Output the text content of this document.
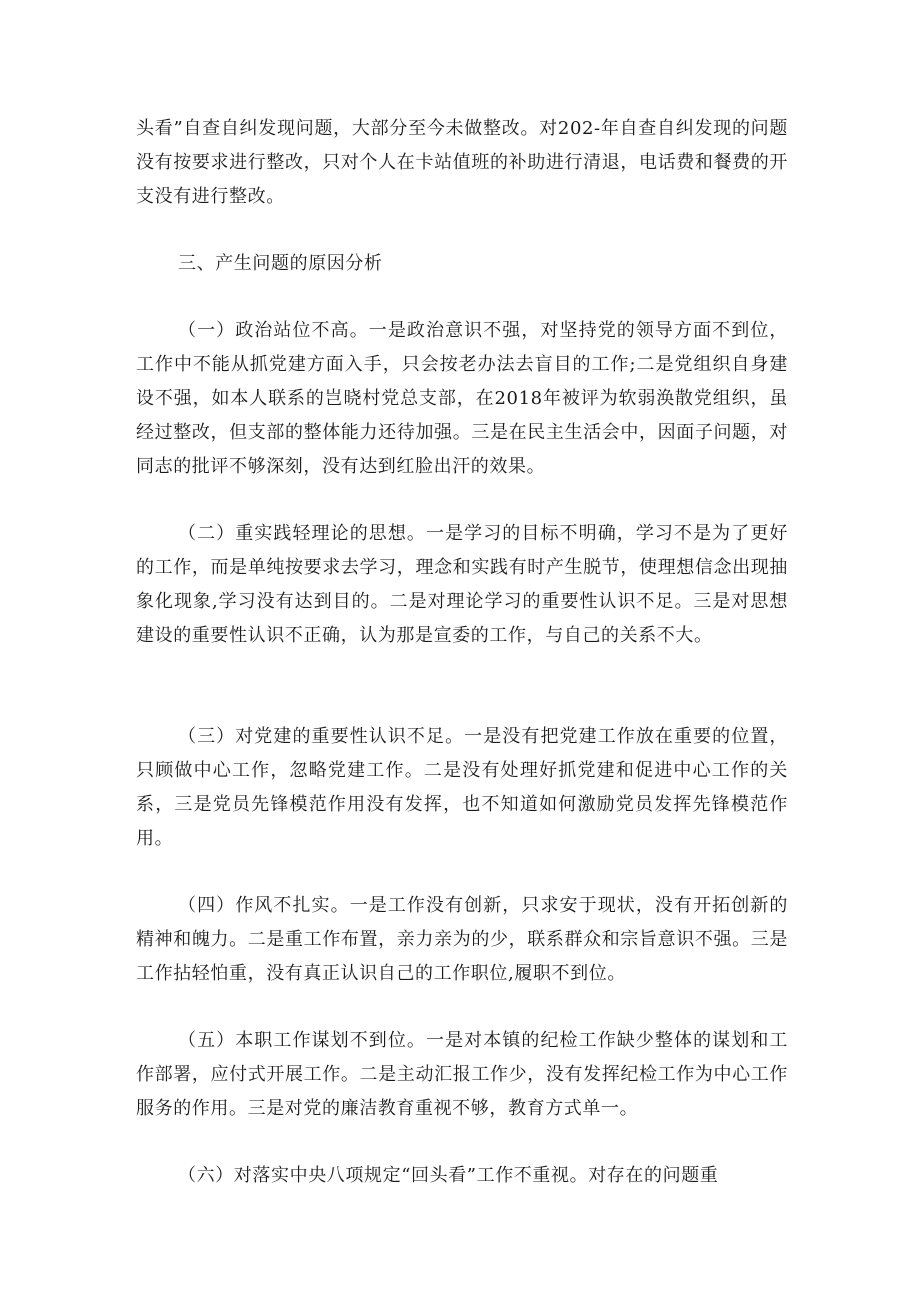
头看”自查自纠发现问题，大部分至今未做整改。对202-年自查自纠发现的问题没有按要求进行整改，只对个人在卡站值班的补助进行清退，电话费和餐费的开支没有进行整改。

三、产生问题的原因分析

（一）政治站位不高。一是政治意识不强，对坚持党的领导方面不到位，工作中不能从抓党建方面入手，只会按老办法去盲目的工作;二是党组织自身建设不强，如本人联系的岂晓村党总支部，在2018年被评为软弱涣散党组织，虽经过整改，但支部的整体能力还待加强。三是在民主生活会中，因面子问题，对同志的批评不够深刻，没有达到红脸出汗的效果。

（二）重实践轻理论的思想。一是学习的目标不明确，学习不是为了更好的工作，而是单纯按要求去学习，理念和实践有时产生脱节，使理想信念出现抽象化现象,学习没有达到目的。二是对理论学习的重要性认识不足。三是对思想建设的重要性认识不正确，认为那是宣委的工作，与自己的关系不大。

（三）对党建的重要性认识不足。一是没有把党建工作放在重要的位置，只顾做中心工作，忽略党建工作。二是没有处理好抓党建和促进中心工作的关系，三是党员先锋模范作用没有发挥，也不知道如何激励党员发挥先锋模范作用。

（四）作风不扎实。一是工作没有创新，只求安于现状，没有开拓创新的精神和魄力。二是重工作布置，亲力亲为的少，联系群众和宗旨意识不强。三是工作拈轻怕重，没有真正认识自己的工作职位,履职不到位。

（五）本职工作谋划不到位。一是对本镇的纪检工作缺少整体的谋划和工作部署，应付式开展工作。二是主动汇报工作少，没有发挥纪检工作为中心工作服务的作用。三是对党的廉洁教育重视不够，教育方式单一。

（六）对落实中央八项规定“回头看”工作不重视。对存在的问题重
